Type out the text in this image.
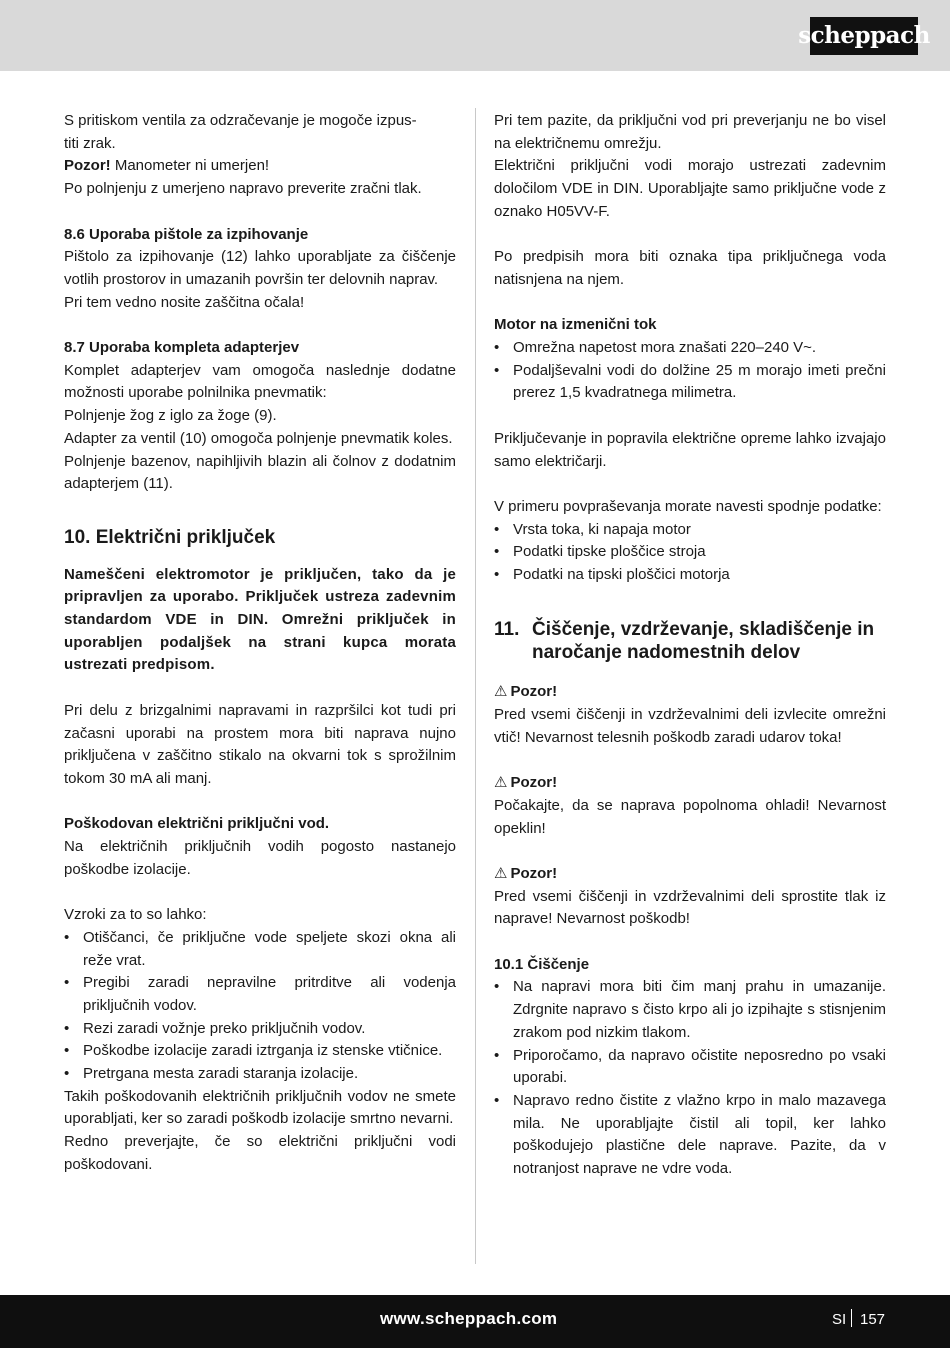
scheppach

S pritiskom ventila za odzračevanje je mogoče izpus-

titi zrak.

Pozor! Manometer ni umerjen!

Po polnjenju z umerjeno napravo preverite zračni tlak.

8.6 Uporaba pištole za izpihovanje

Pištolo za izpihovanje (12) lahko uporabljate za čiščenje votlih prostorov in umazanih površin ter delovnih naprav.

Pri tem vedno nosite zaščitna očala!

8.7 Uporaba kompleta adapterjev

Komplet adapterjev vam omogoča naslednje dodatne možnosti uporabe polnilnika pnevmatik:

Polnjenje žog z iglo za žoge (9).

Adapter za ventil (10) omogoča polnjenje pnevmatik koles.

Polnjenje bazenov, napihljivih blazin ali čolnov z dodatnim adapterjem (11).

10. Električni priključek

Nameščeni elektromotor je priključen, tako da je pripravljen za uporabo. Priključek ustreza zadevnim standardom VDE in DIN. Omrežni priključek in uporabljen podaljšek na strani kupca morata ustrezati predpisom.

Pri delu z brizgalnimi napravami in razpršilci kot tudi pri začasni uporabi na prostem mora biti naprava nujno priključena v zaščitno stikalo na okvarni tok s sprožilnim tokom 30 mA ali manj.

Poškodovan električni priključni vod.

Na električnih priključnih vodih pogosto nastanejo poškodbe izolacije.

Vzroki za to so lahko:

• Otiščanci, če priključne vode speljete skozi okna ali reže vrat.
• Pregibi zaradi nepravilne pritrditve ali vodenja priključnih vodov.
• Rezi zaradi vožnje preko priključnih vodov.
• Poškodbe izolacije zaradi iztrganja iz stenske vtičnice.
• Pretrgana mesta zaradi staranja izolacije.

Takih poškodovanih električnih priključnih vodov ne smete uporabljati, ker so zaradi poškodb izolacije smrtno nevarni.

Redno preverjajte, če so električni priključni vodi poškodovani.

Pri tem pazite, da priključni vod pri preverjanju ne bo visel na električnemu omrežju.

Električni priključni vodi morajo ustrezati zadevnim določilom VDE in DIN. Uporabljajte samo priključne vode z oznako H05VV-F.

Po predpisih mora biti oznaka tipa priključnega voda natisnjena na njem.

Motor na izmenični tok

• Omrežna napetost mora znašati 220–240 V~.
• Podaljševalni vodi do dolžine 25 m morajo imeti prečni prerez 1,5 kvadratnega milimetra.

Priključevanje in popravila električne opreme lahko izvajajo samo električarji.

V primeru povpraševanja morate navesti spodnje podatke:

• Vrsta toka, ki napaja motor
• Podatki tipske ploščice stroja
• Podatki na tipski ploščici motorja
11. Čiščenje, vzdrževanje, skladiščenje in naročanje nadomestnih delov

⚠ Pozor!

Pred vsemi čiščenji in vzdrževalnimi deli izvlecite omrežni vtič! Nevarnost telesnih poškodb zaradi udarov toka!

⚠ Pozor!

Počakajte, da se naprava popolnoma ohladi! Nevarnost opeklin!

⚠ Pozor!

Pred vsemi čiščenji in vzdrževalnimi deli sprostite tlak iz naprave! Nevarnost poškodb!

10.1 Čiščenje

• Na napravi mora biti čim manj prahu in umazanije. Zdrgnite napravo s čisto krpo ali jo izpihajte s stisnjenim zrakom pod nizkim tlakom.
• Priporočamo, da napravo očistite neposredno po vsaki uporabi.
• Napravo redno čistite z vlažno krpo in malo mazavega mila. Ne uporabljajte čistil ali topil, ker lahko poškodujejo plastične dele naprave. Pazite, da v notranjost naprave ne vdre voda.
www.scheppach.com	SI 157
